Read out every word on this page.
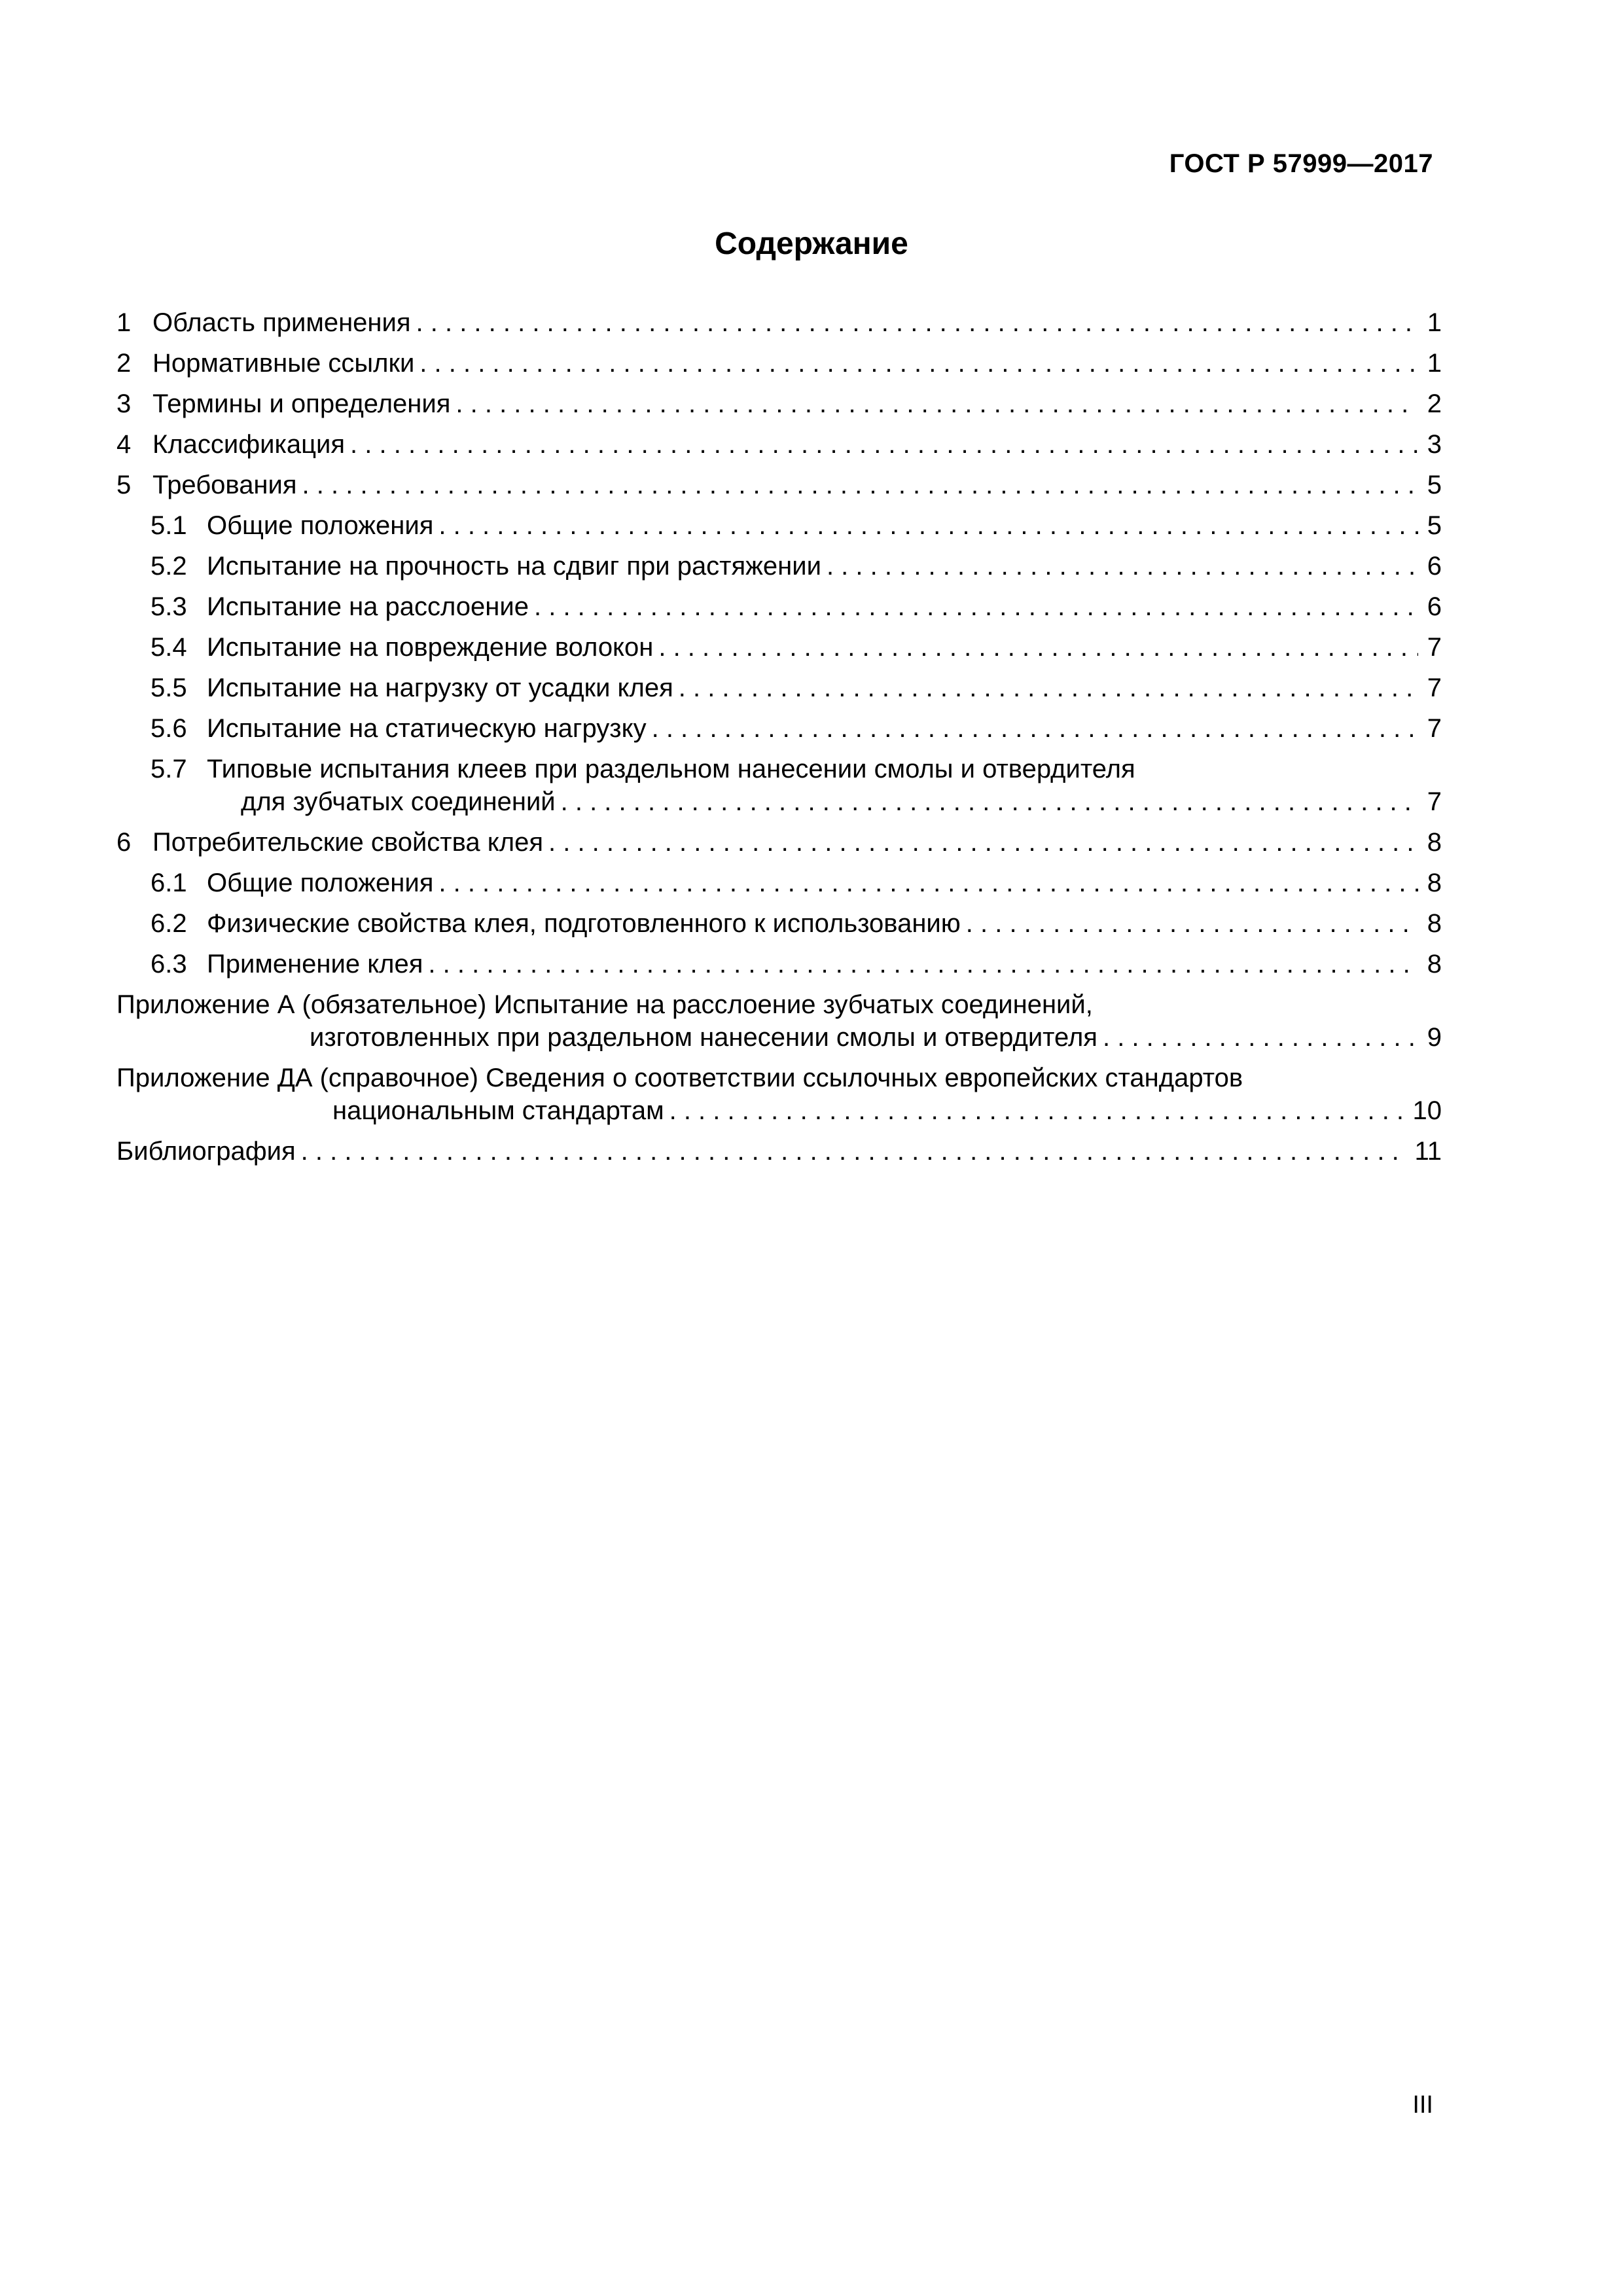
ГОСТ Р 57999—2017
Содержание
1 Область применения . . .	1
2 Нормативные ссылки . . .	1
3 Термины и определения . . .	2
4 Классификация . . .	3
5 Требования . . .	5
5.1 Общие положения . . .	5
5.2 Испытание на прочность на сдвиг при растяжении . . .	6
5.3 Испытание на расслоение . . .	6
5.4 Испытание на повреждение волокон . . .	7
5.5 Испытание на нагрузку от усадки клея . . .	7
5.6 Испытание на статическую нагрузку . . .	7
5.7 Типовые испытания клеев при раздельном нанесении смолы и отвердителя
для зубчатых соединений . . .	7
6 Потребительские свойства клея . . .	8
6.1 Общие положения . . .	8
6.2 Физические свойства клея, подготовленного к использованию . . .	8
6.3 Применение клея . . .	8
Приложение А (обязательное) Испытание на расслоение зубчатых соединений,
изготовленных при раздельном нанесении смолы и отвердителя . . .	9
Приложение ДА (справочное) Сведения о соответствии ссылочных европейских стандартов
национальным стандартам . . .	10
Библиография . . .	11
III
